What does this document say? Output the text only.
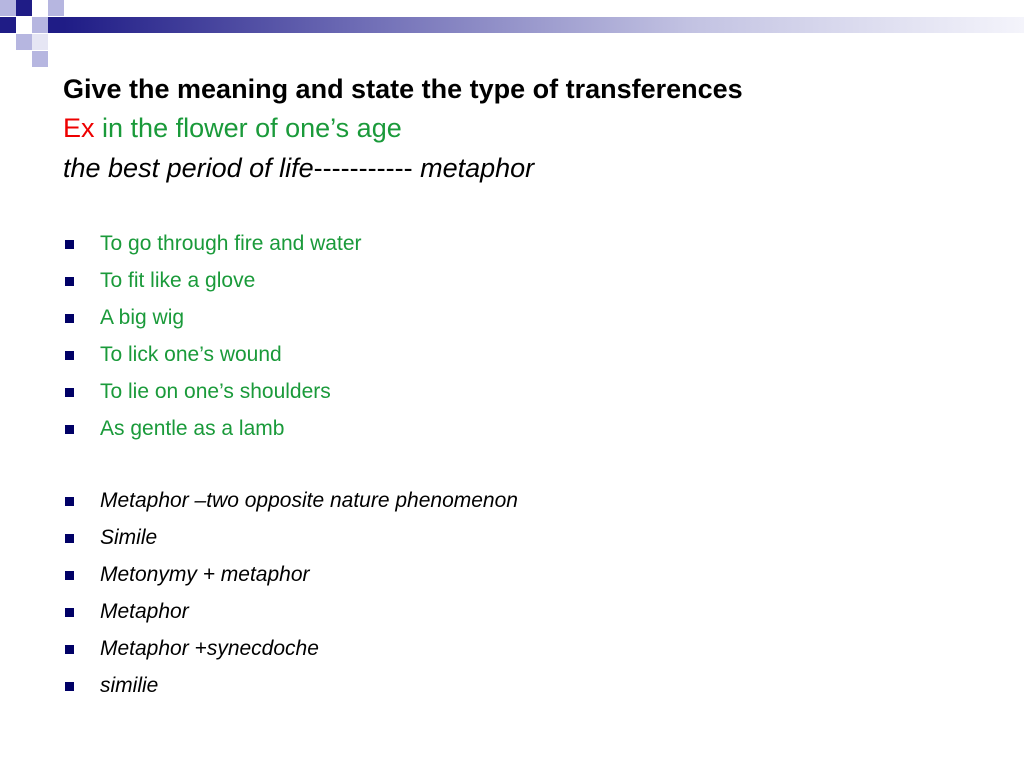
Give the meaning and state the type of transferences
Ex in the flower of one’s age
the best period of life----------- metaphor
To go through fire and water
To fit like a glove
A big wig
To lick one’s wound
To lie on one’s shoulders
As gentle as a lamb
Metaphor –two opposite nature phenomenon
Simile
Metonymy + metaphor
Metaphor
Metaphor +synecdoche
similie
